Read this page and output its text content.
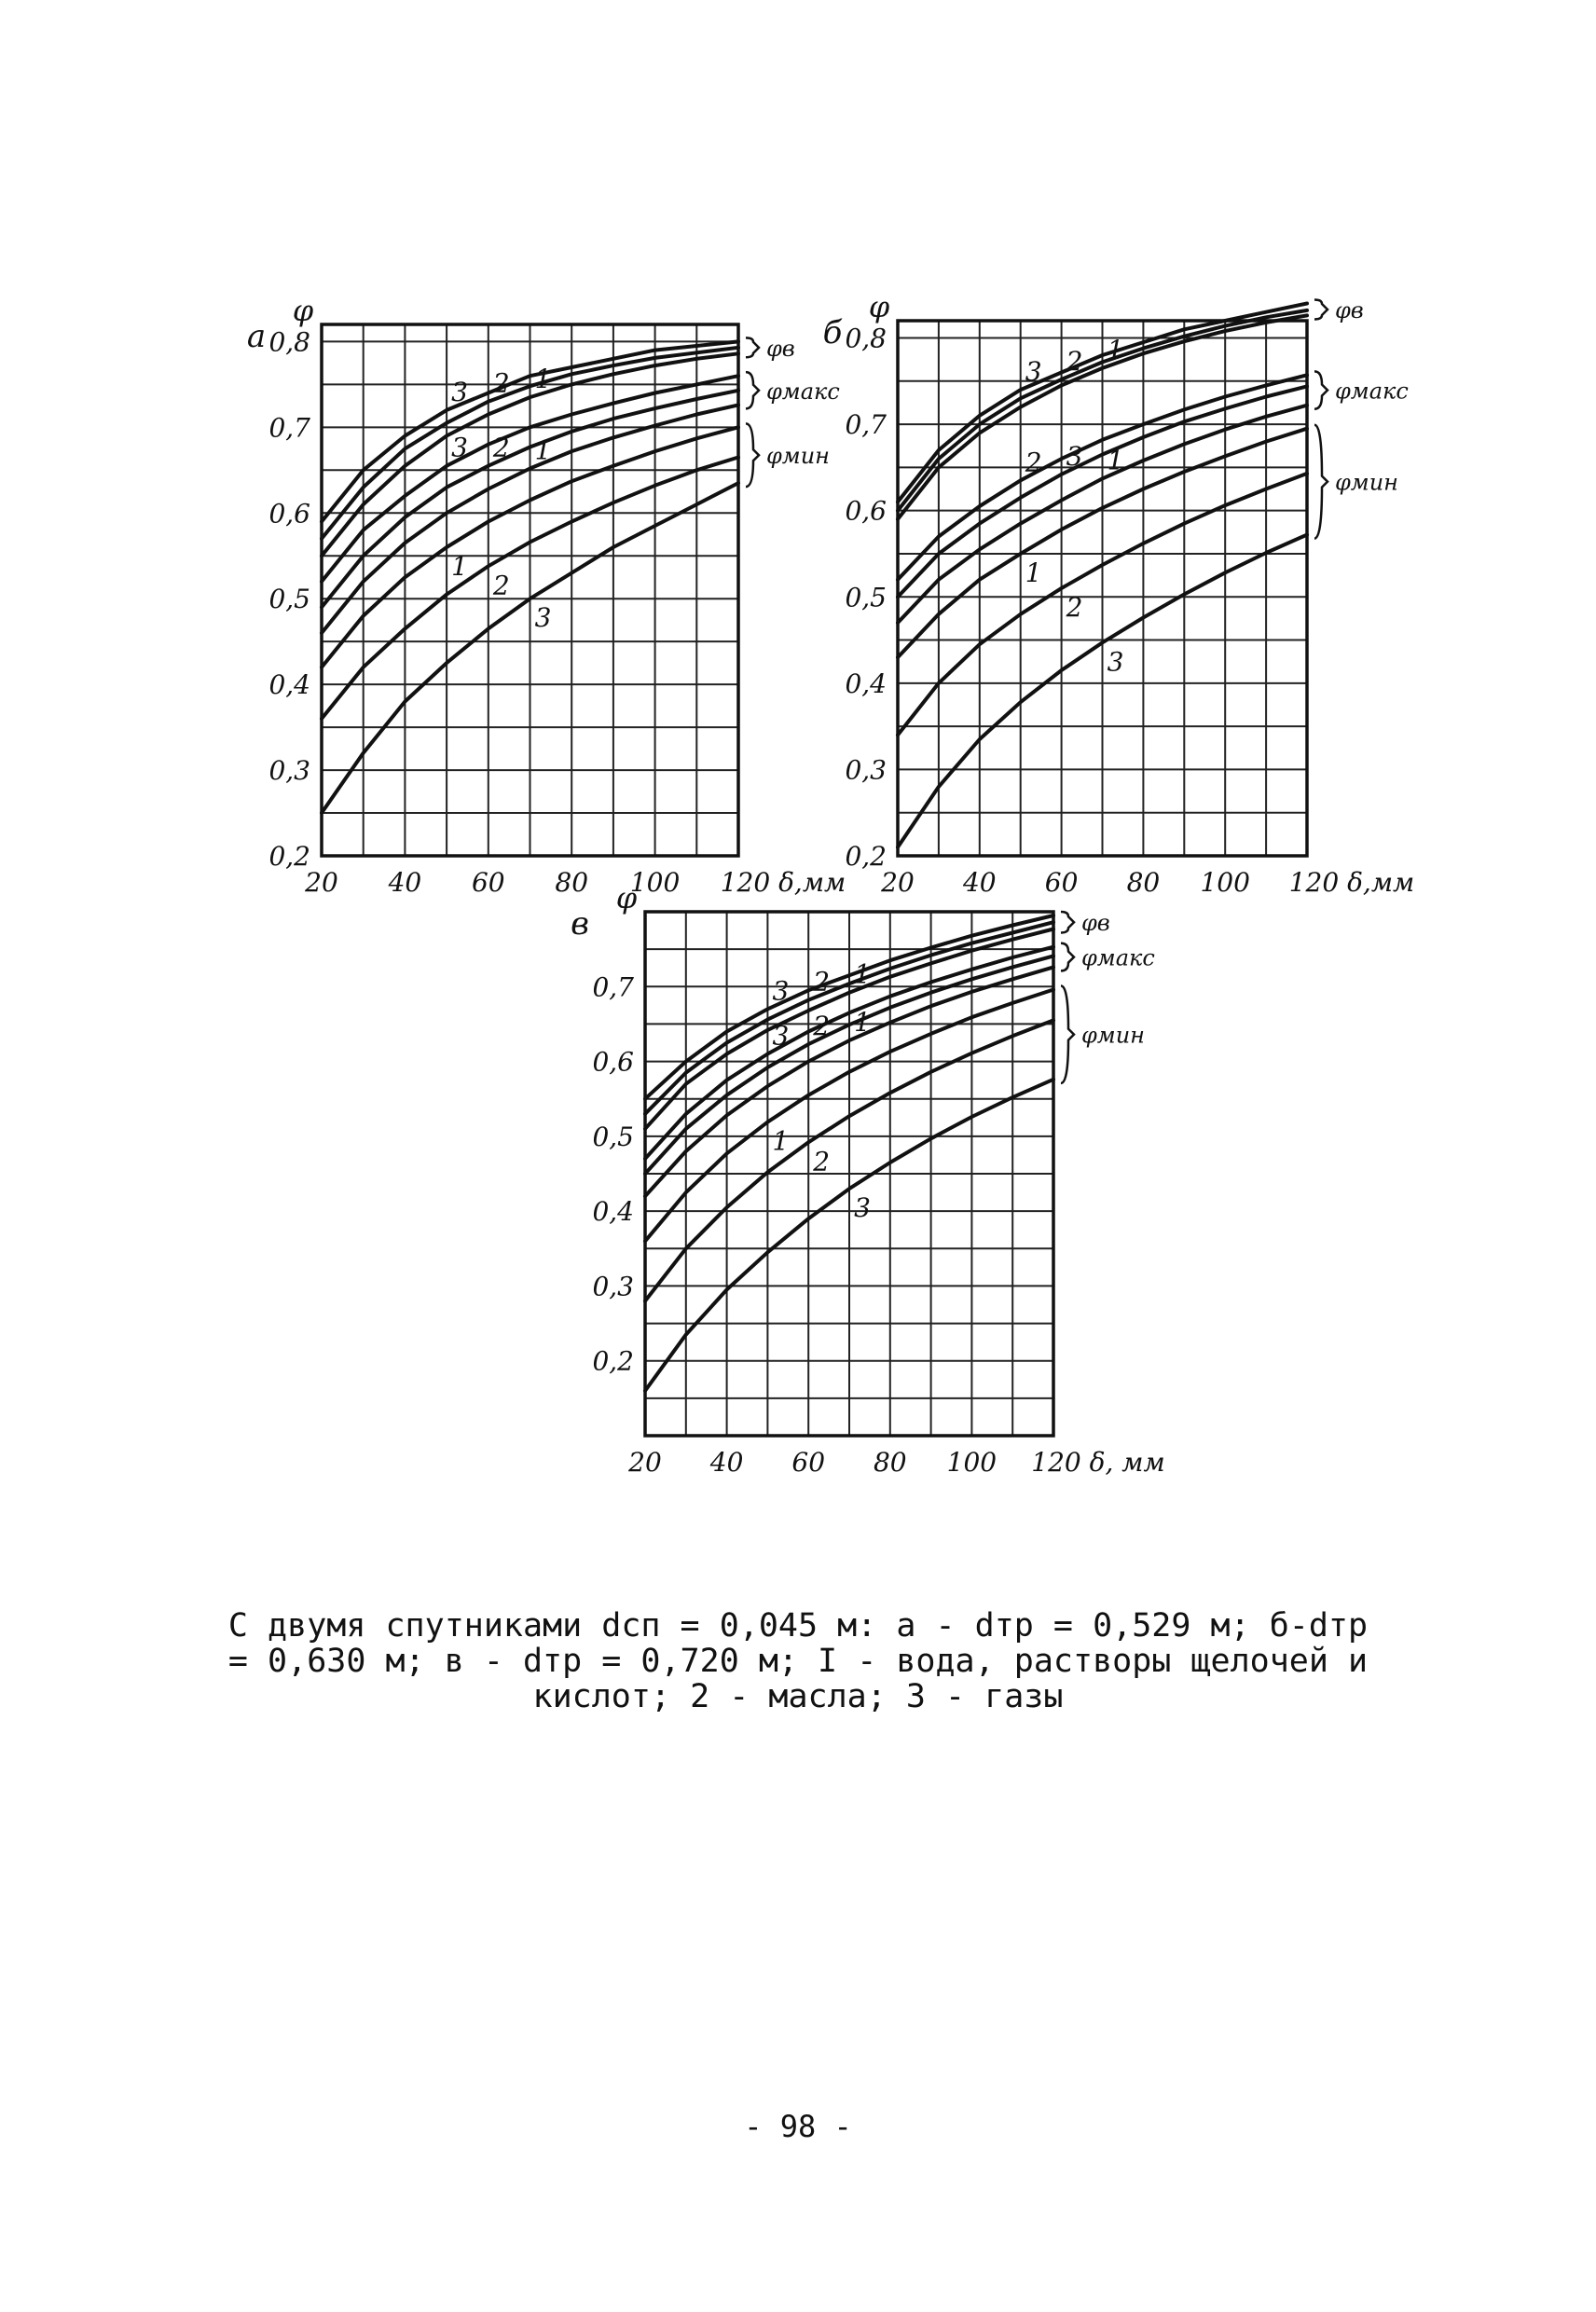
0,2
0,3
0,4
0,5
0,6
0,7
0,8
20 40 60 80 100 120 δ,мм
φ
а
3 2 1
φв
3 2 1
φмакс
1
2
3
φмин
0,2
0,3
0,4
0,5
0,6
0,7
0,8
20 40 60 80 100 120 δ,мм
φ
б
3 2 1
φв
2 3 1
φмакс
1
2
3
φмин
0,2
0,3
0,4
0,5
0,6
0,7
20 40 60 80 100 120 δ, мм
φ
в
3 2 1
φв
3 2 1
φмакс
1
2
3
φмин
С двумя спутниками dсп = 0,045 м: а - dтр = 0,529 м; б-dтр
= 0,630 м; в - dтр = 0,720 м; I - вода, растворы щелочей и
кислот; 2 - масла; 3 - газы
- 98 -
